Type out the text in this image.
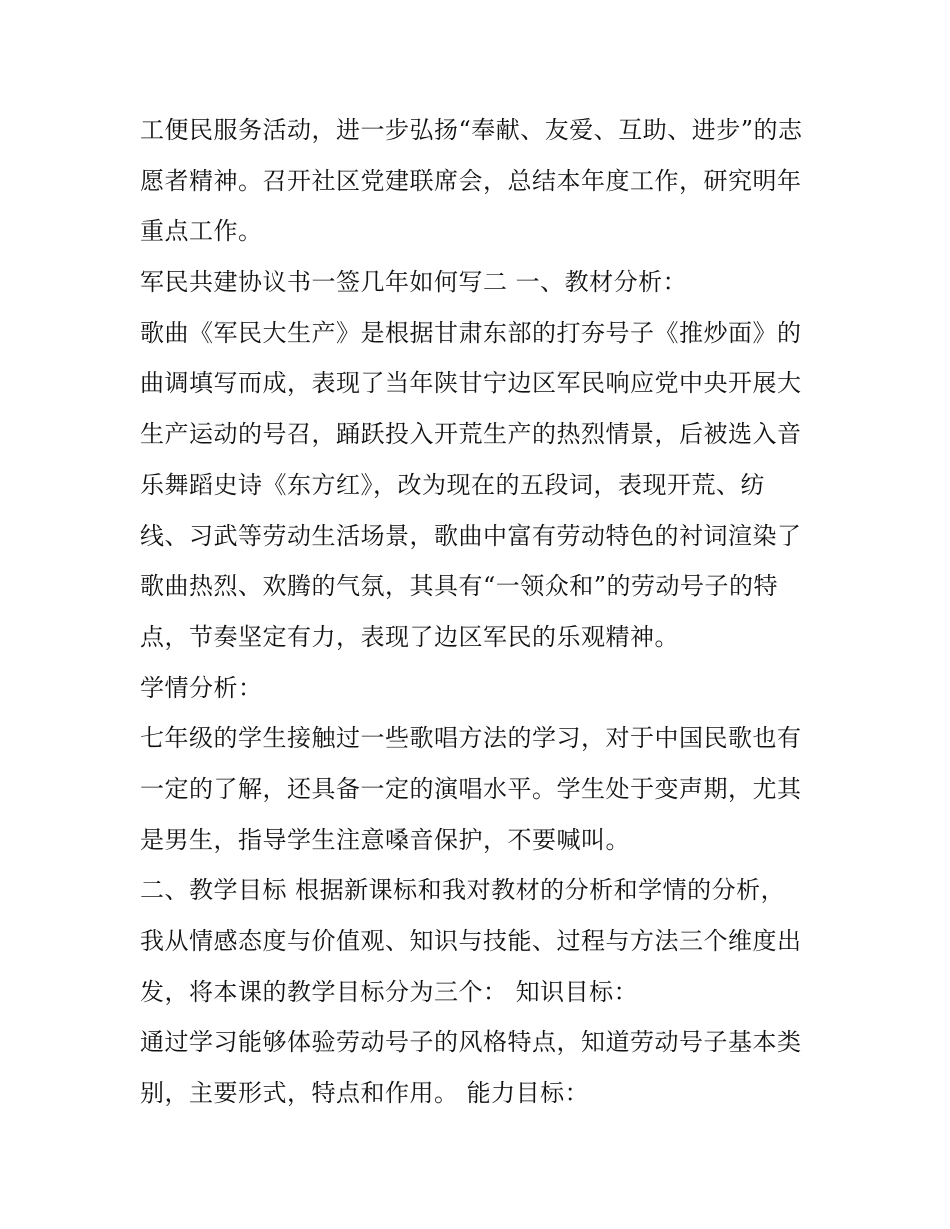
工便民服务活动，进一步弘扬“奉献、友爱、互助、进步”的志
愿者精神。召开社区党建联席会，总结本年度工作，研究明年
重点工作。
军民共建协议书一签几年如何写二 一、教材分析：
歌曲《军民大生产》是根据甘肃东部的打夯号子《推炒面》的
曲调填写而成，表现了当年陕甘宁边区军民响应党中央开展大
生产运动的号召，踊跃投入开荒生产的热烈情景，后被选入音
乐舞蹈史诗《东方红》，改为现在的五段词，表现开荒、纺
线、习武等劳动生活场景，歌曲中富有劳动特色的衬词渲染了
歌曲热烈、欢腾的气氛，其具有“一领众和”的劳动号子的特
点，节奏坚定有力，表现了边区军民的乐观精神。
学情分析：
七年级的学生接触过一些歌唱方法的学习，对于中国民歌也有
一定的了解，还具备一定的演唱水平。学生处于变声期，尤其
是男生，指导学生注意嗓音保护，不要喊叫。
二、教学目标 根据新课标和我对教材的分析和学情的分析，
我从情感态度与价值观、知识与技能、过程与方法三个维度出
发，将本课的教学目标分为三个： 知识目标：
通过学习能够体验劳动号子的风格特点，知道劳动号子基本类
别，主要形式，特点和作用。 能力目标：
